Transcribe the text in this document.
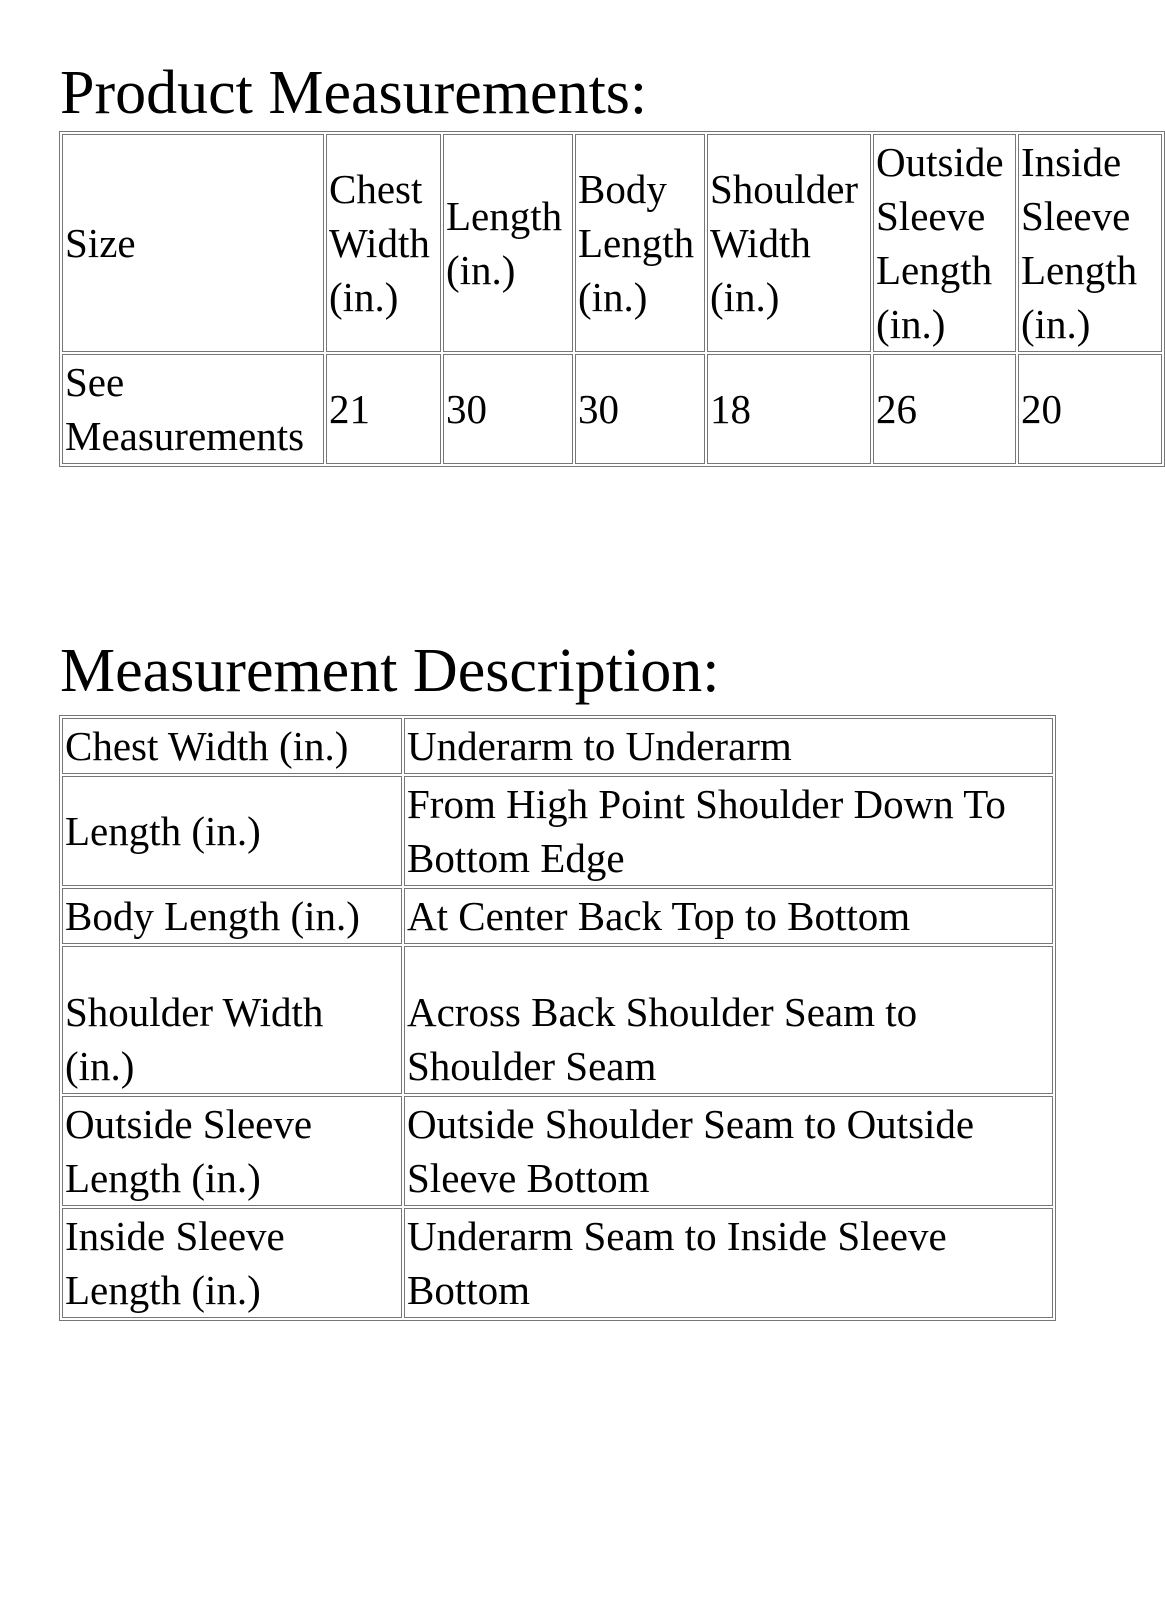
Product Measurements:
Size	Chest Width (in.)	Length (in.)	Body Length (in.)	Shoulder Width (in.)	Outside Sleeve Length (in.)	Inside Sleeve Length (in.)
See Measurements	21	30	30	18	26	20
Measurement Description:
Chest Width (in.)	Underarm to Underarm
Length (in.)	From High Point Shoulder Down To Bottom Edge
Body Length (in.)	At Center Back Top to Bottom
Shoulder Width (in.)	Across Back Shoulder Seam to Shoulder Seam
Outside Sleeve Length (in.)	Outside Shoulder Seam to Outside Sleeve Bottom
Inside Sleeve Length (in.)	Underarm Seam to Inside Sleeve Bottom
